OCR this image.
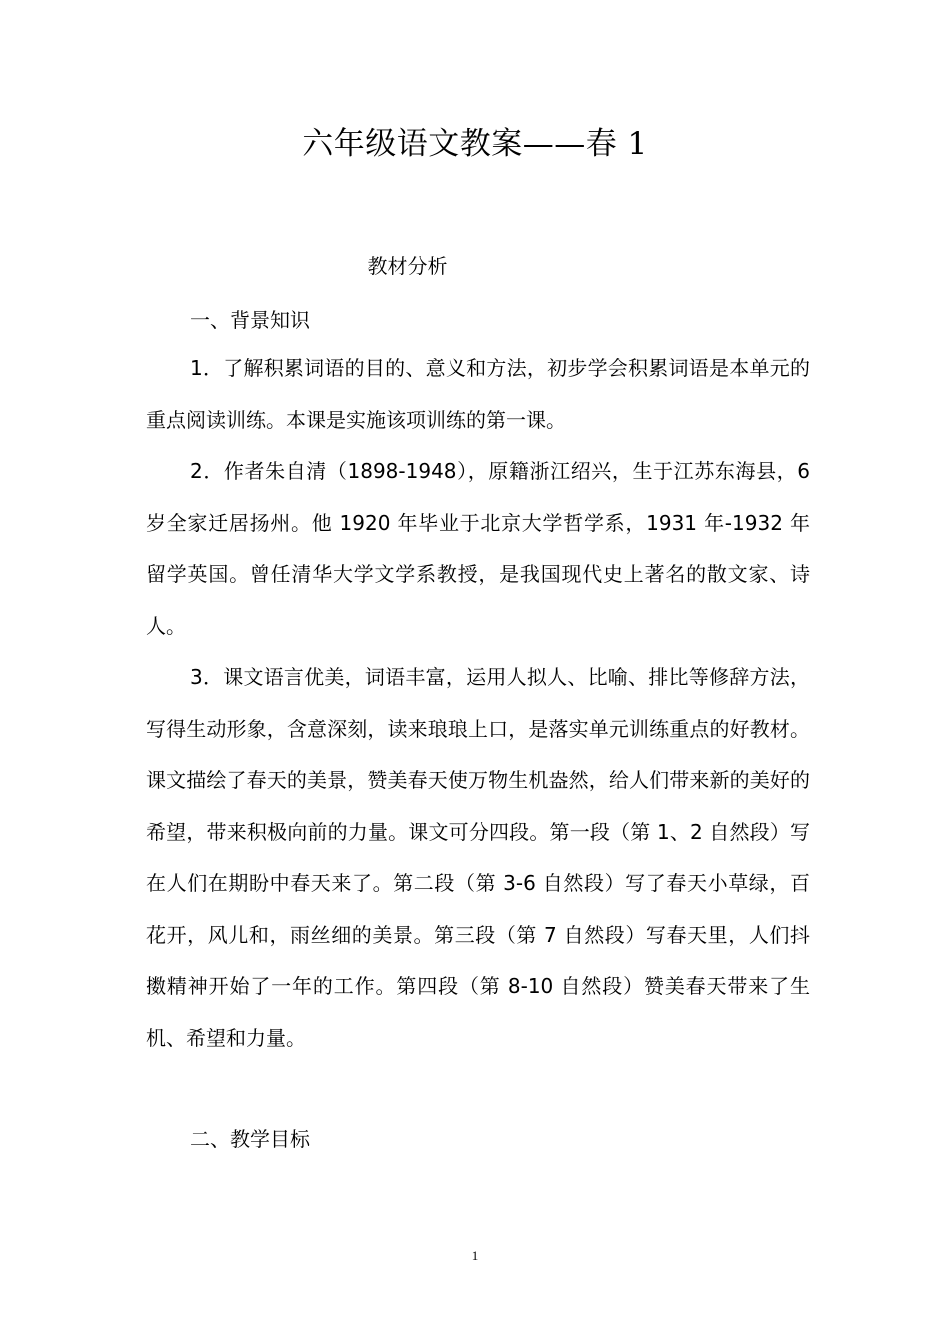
六年级语文教案——春 1
教材分析
一、背景知识
1．了解积累词语的目的、意义和方法，初步学会积累词语是本单元的重点阅读训练。本课是实施该项训练的第一课。
2．作者朱自清（1898-1948），原籍浙江绍兴，生于江苏东海县，6 岁全家迁居扬州。他 1920 年毕业于北京大学哲学系，1931 年-1932 年留学英国。曾任清华大学文学系教授，是我国现代史上著名的散文家、诗人。
3．课文语言优美，词语丰富，运用人拟人、比喻、排比等修辞方法，写得生动形象，含意深刻，读来琅琅上口，是落实单元训练重点的好教材。课文描绘了春天的美景，赞美春天使万物生机盎然，给人们带来新的美好的希望，带来积极向前的力量。课文可分四段。第一段（第 1、2 自然段）写在人们在期盼中春天来了。第二段（第 3-6 自然段）写了春天小草绿，百花开，风儿和，雨丝细的美景。第三段（第 7 自然段）写春天里，人们抖擞精神开始了一年的工作。第四段（第 8-10 自然段）赞美春天带来了生机、希望和力量。
二、教学目标
1
